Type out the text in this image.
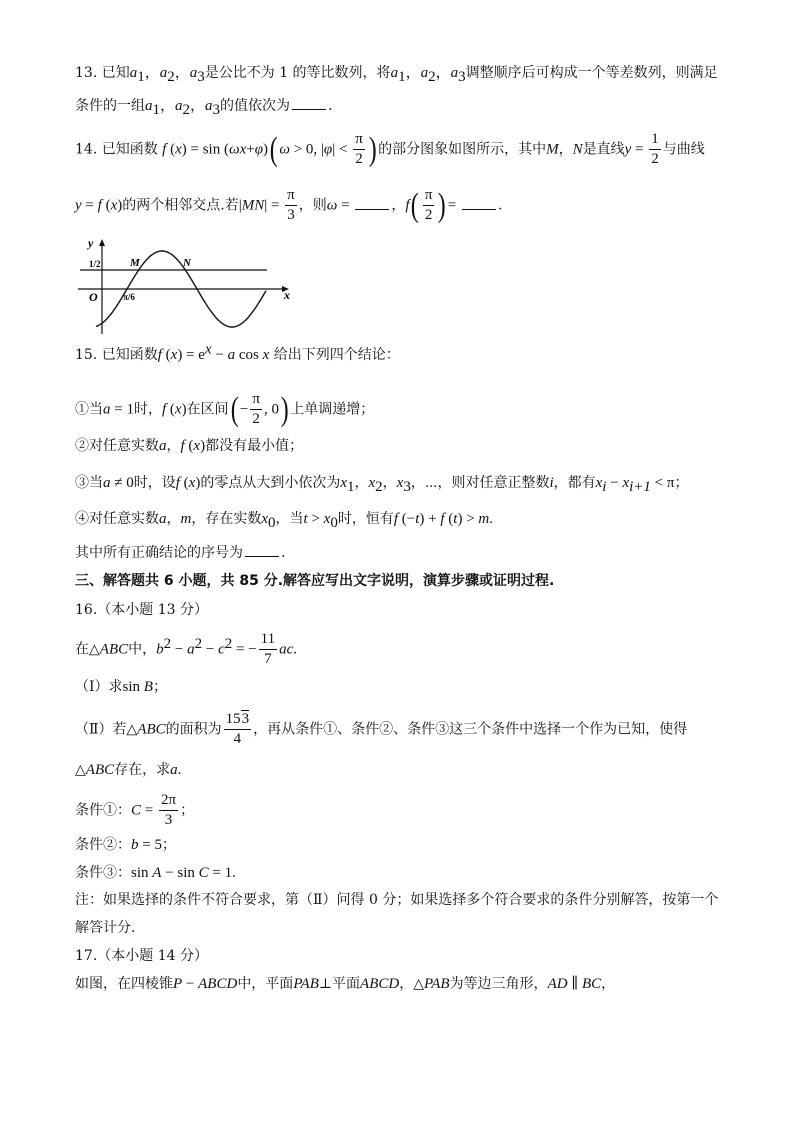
13. 已知$a_1$，$a_2$，$a_3$是公比不为 1 的等比数列，将$a_1$，$a_2$，$a_3$调整顺序后可构成一个等差数列，则满足
条件的一组$a_1$，$a_2$，$a_3$的值依次为	.
14. 已知函数 f (x) = sin (ωx+φ)( ω > 0, $|\varphi| < \frac{\pi}{2}$ ) 的部分图象如图所示，其中M，N是直线$y = \frac{1}{2}$ 与曲线
y = f (x)的两个相邻交点.若$|MN| = \frac{\pi}{3}$ ，则ω =	，$f( \frac{\pi}{2}$ ) =	.
y
x
O
1/2	M	N
π/6
15. 已知函数f $(x) = e^x - a$ cos x 给出下列四个结论：
①当a = 1时，f (x)在区间( − $\frac{\pi}{2}$ , 0) 上单调递增；
②对任意实数a，f (x)都没有最小值；
③当a ≠ 0时，设f (x)的零点从大到小依次为$x_1$，$x_2$，$x_3$，⋯，则对任意正整数i，都有$x_i - x_{i+1} < \pi$；
④对任意实数a，m，存在实数$x_0$，当$t > x_0$时，恒有f (−t) + f (t) > m.
其中所有正确结论的序号为	.
三、解答题共 6 小题，共 85 分.解答应写出文字说明，演算步骤或证明过程.
16.（本小题 13 分）
在△ABC中，$b^2 - a^2 - c^2$ = − $\frac{11}{7}$ ac.
（Ⅰ）求sin B；
（Ⅱ）若△ABC的面积为 $\frac{153}{4}$ ，再从条件①、条件②、条件③这三个条件中选择一个作为已知，使得
△ABC存在，求a.
条件①：$C = \frac{2\pi}{3}$ ；
条件②：b = 5；
条件③：sin A − sin C = 1.
注：如果选择的条件不符合要求，第（Ⅱ）问得 0 分；如果选择多个符合要求的条件分别解答，按第一个
解答计分.
17.（本小题 14 分）
如图，在四棱锥P − ABCD中，平面PAB⊥平面ABCD，△PAB为等边三角形，AD ∥ BC，
